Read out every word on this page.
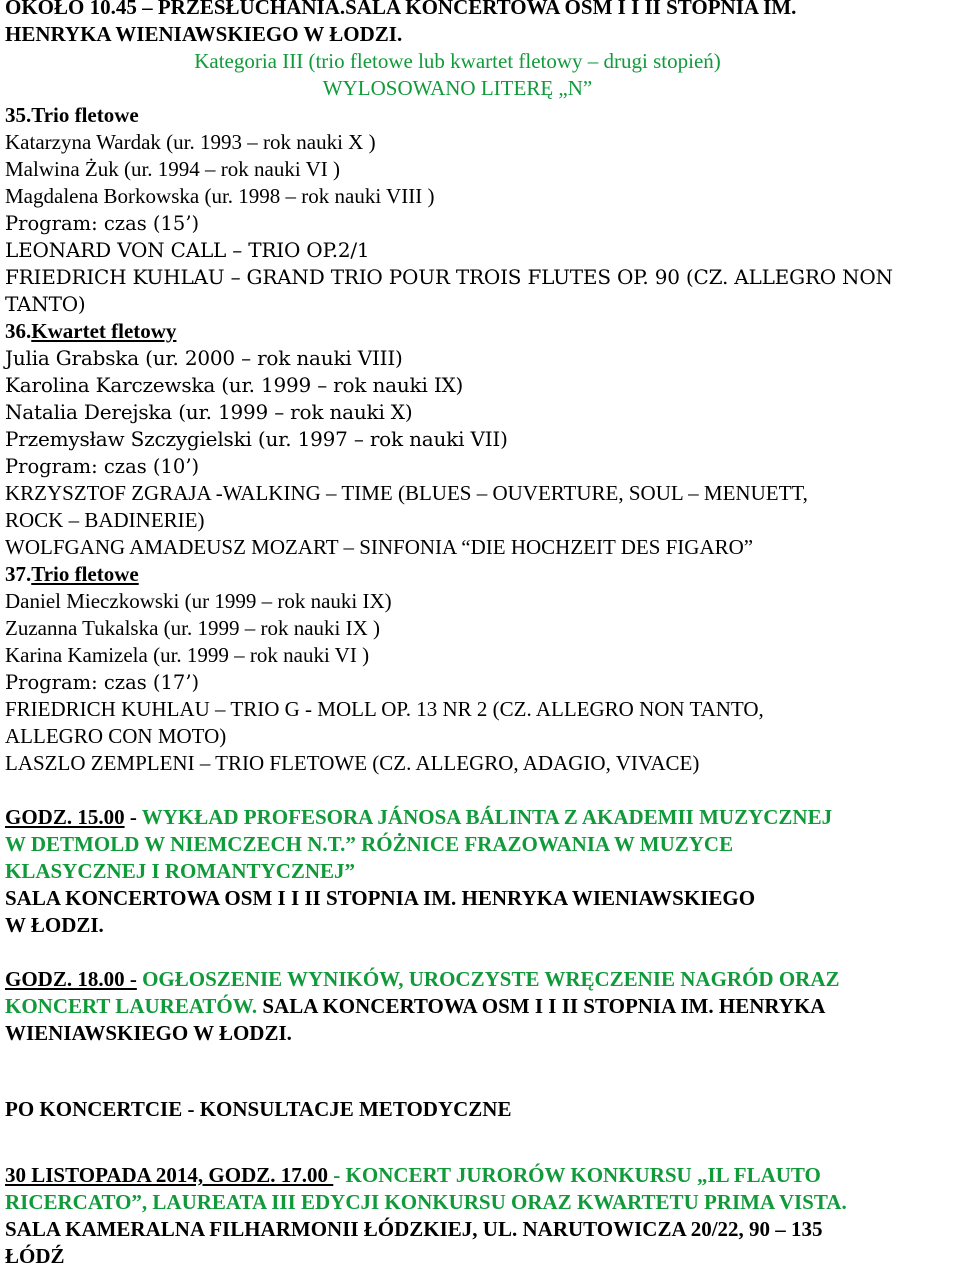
OKOŁO 10.45 – PRZESŁUCHANIA.SALA KONCERTOWA OSM I I II STOPNIA IM.

HENRYKA WIENIAWSKIEGO W ŁODZI.

Kategoria III (trio fletowe lub kwartet fletowy – drugi stopień)

WYLOSOWANO LITERĘ „N”

35.Trio fletowe

Katarzyna Wardak (ur. 1993 – rok nauki X )

Malwina Żuk (ur. 1994 – rok nauki VI )

Magdalena Borkowska (ur. 1998 – rok nauki VIII )

Program: czas (15’)

LEONARD VON CALL – TRIO OP.2/1

FRIEDRICH KUHLAU – GRAND TRIO POUR TROIS FLUTES OP. 90 (CZ. ALLEGRO NON

TANTO)

36.Kwartet fletowy

Julia Grabska (ur. 2000 – rok nauki VIII)

Karolina Karczewska (ur. 1999 – rok nauki IX)

Natalia Derejska (ur. 1999 – rok nauki X)

Przemysław Szczygielski (ur. 1997 – rok nauki VII)

Program: czas (10’)

KRZYSZTOF ZGRAJA -WALKING – TIME (BLUES – OUVERTURE, SOUL – MENUETT,

ROCK – BADINERIE)

WOLFGANG AMADEUSZ MOZART – SINFONIA “DIE HOCHZEIT DES FIGARO”

37.Trio fletowe

Daniel Mieczkowski (ur 1999 – rok nauki IX)

Zuzanna Tukalska (ur. 1999 – rok nauki IX )

Karina Kamizela (ur. 1999 – rok nauki VI )

Program: czas (17’)

FRIEDRICH KUHLAU – TRIO G - MOLL OP. 13 NR 2 (CZ. ALLEGRO NON TANTO,

ALLEGRO CON MOTO)

LASZLO ZEMPLENI – TRIO FLETOWE (CZ. ALLEGRO, ADAGIO, VIVACE)

GODZ. 15.00 - WYKŁAD PROFESORA JÁNOSA BÁLINTA Z AKADEMII MUZYCZNEJ

W DETMOLD W NIEMCZECH N.T.” RÓŻNICE FRAZOWANIA W MUZYCE

KLASYCZNEJ I ROMANTYCZNEJ”

SALA KONCERTOWA OSM I I II STOPNIA IM. HENRYKA WIENIAWSKIEGO

W ŁODZI.

GODZ. 18.00 - OGŁOSZENIE WYNIKÓW, UROCZYSTE WRĘCZENIE NAGRÓD ORAZ

KONCERT LAUREATÓW. SALA KONCERTOWA OSM I I II STOPNIA IM. HENRYKA

WIENIAWSKIEGO W ŁODZI.

PO KONCERTCIE - KONSULTACJE METODYCZNE

30 LISTOPADA 2014, GODZ. 17.00 - KONCERT JURORÓW KONKURSU „IL FLAUTO

RICERCATO”, LAUREATA III EDYCJI KONKURSU ORAZ KWARTETU PRIMA VISTA.

SALA KAMERALNA FILHARMONII ŁÓDZKIEJ, UL. NARUTOWICZA 20/22, 90 – 135

ŁÓDŹ
